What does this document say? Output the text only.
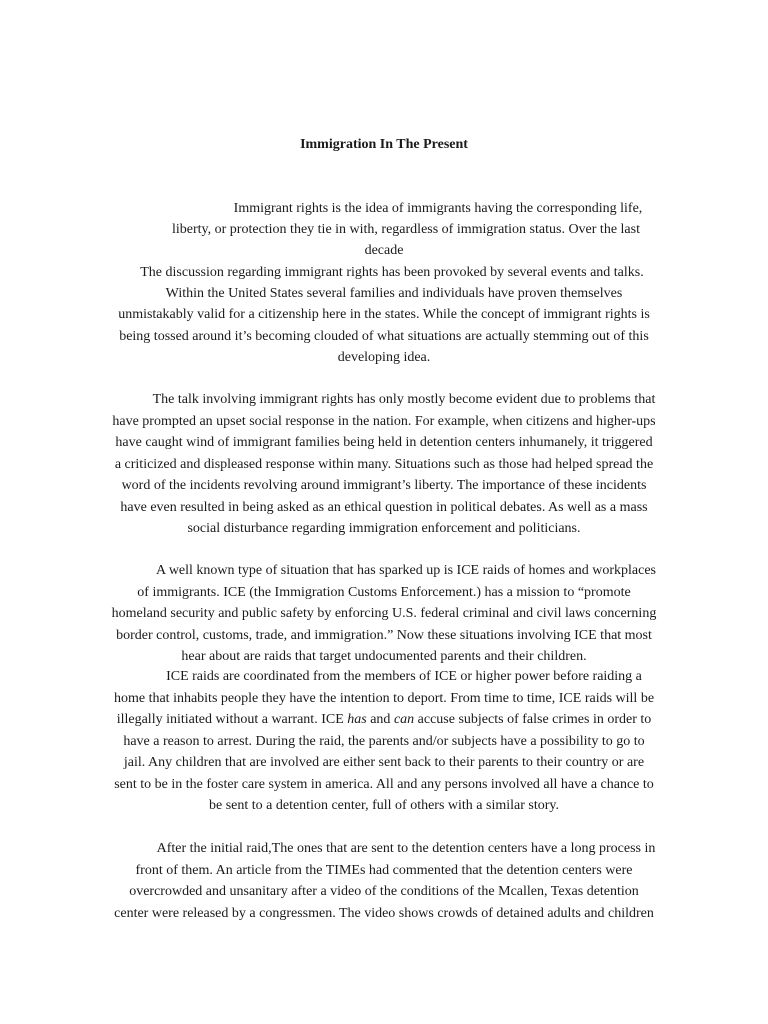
Immigration In The Present
Immigrant rights is the idea of immigrants having the corresponding life,
liberty, or protection they tie in with, regardless of immigration status. Over the last
decade
The discussion regarding immigrant rights has been provoked by several events and talks.
Within the United States several families and individuals have proven themselves
unmistakably valid for a citizenship here in the states. While the concept of immigrant rights is
being tossed around it’s becoming clouded of what situations are actually stemming out of this
developing idea.
The talk involving immigrant rights has only mostly become evident due to problems that
have prompted an upset social response in the nation. For example, when citizens and higher-ups
have caught wind of immigrant families being held in detention centers inhumanely, it triggered
a criticized and displeased response within many. Situations such as those had helped spread the
word of the incidents revolving around immigrant’s liberty. The importance of these incidents
have even resulted in being asked as an ethical question in political debates. As well as a mass
social disturbance regarding immigration enforcement and politicians.
A well known type of situation that has sparked up is ICE raids of homes and workplaces
of immigrants. ICE (the Immigration Customs Enforcement.) has a mission to “promote
homeland security and public safety by enforcing U.S. federal criminal and civil laws concerning
border control, customs, trade, and immigration.” Now these situations involving ICE that most
hear about are raids that target undocumented parents and their children.
ICE raids are coordinated from the members of ICE or higher power before raiding a
home that inhabits people they have the intention to deport. From time to time, ICE raids will be
illegally initiated without a warrant. ICE has and can accuse subjects of false crimes in order to
have a reason to arrest. During the raid, the parents and/or subjects have a possibility to go to
jail. Any children that are involved are either sent back to their parents to their country or are
sent to be in the foster care system in america. All and any persons involved all have a chance to
be sent to a detention center, full of others with a similar story.
After the initial raid,The ones that are sent to the detention centers have a long process in
front of them. An article from the TIMEs had commented that the detention centers were
overcrowded and unsanitary after a video of the conditions of the Mcallen, Texas detention
center were released by a congressmen. The video shows crowds of detained adults and children
